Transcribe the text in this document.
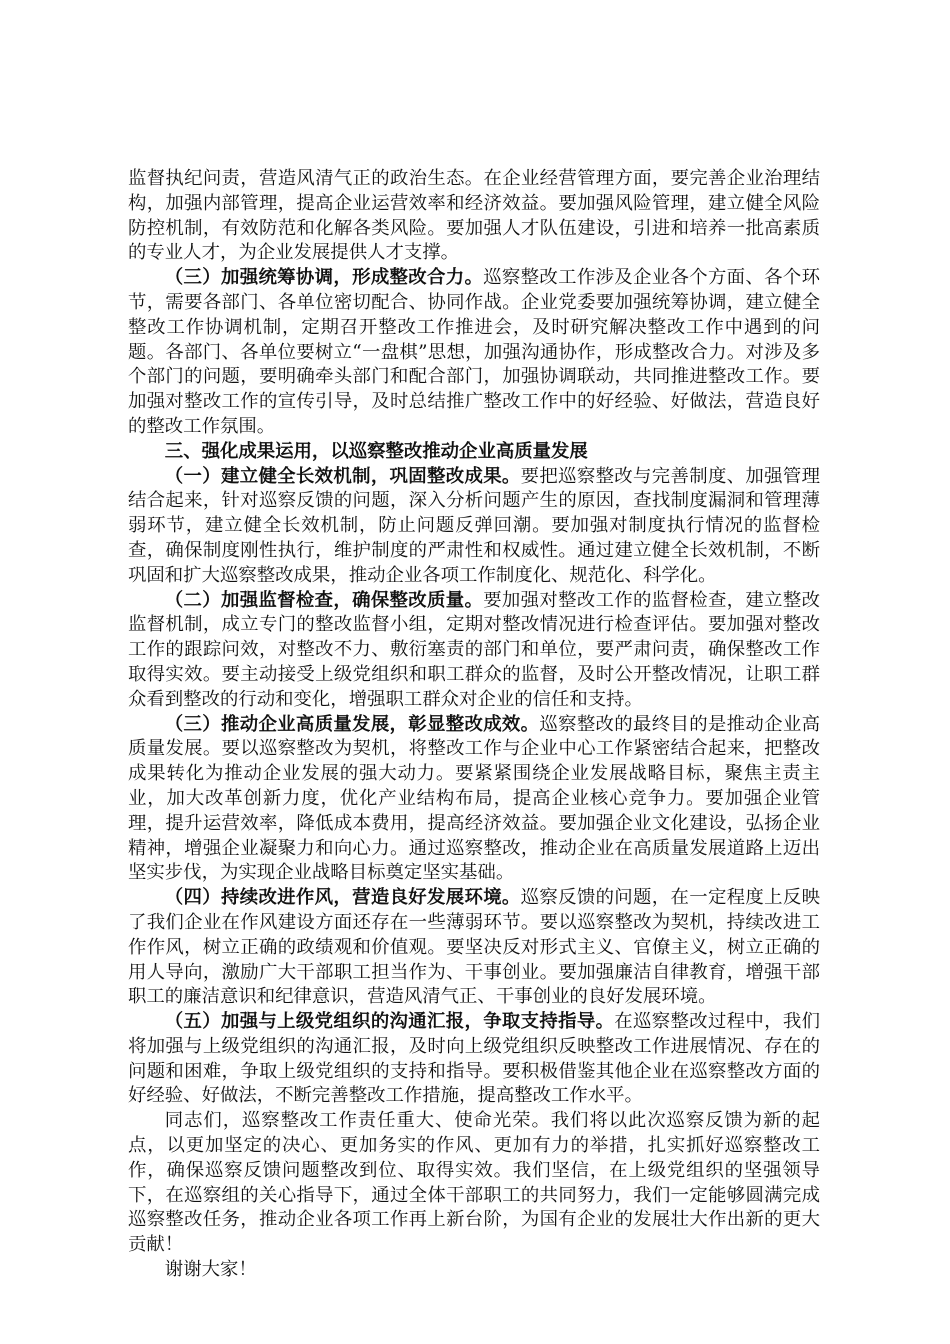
监督执纪问责，营造风清气正的政治生态。在企业经营管理方面，要完善企业治理结构，加强内部管理，提高企业运营效率和经济效益。要加强风险管理，建立健全风险防控机制，有效防范和化解各类风险。要加强人才队伍建设，引进和培养一批高素质的专业人才，为企业发展提供人才支撑。

（三）加强统筹协调，形成整改合力。巡察整改工作涉及企业各个方面、各个环节，需要各部门、各单位密切配合、协同作战。企业党委要加强统筹协调，建立健全整改工作协调机制，定期召开整改工作推进会，及时研究解决整改工作中遇到的问题。各部门、各单位要树立“一盘棋”思想，加强沟通协作，形成整改合力。对涉及多个部门的问题，要明确牵头部门和配合部门，加强协调联动，共同推进整改工作。要加强对整改工作的宣传引导，及时总结推广整改工作中的好经验、好做法，营造良好的整改工作氛围。

三、强化成果运用，以巡察整改推动企业高质量发展

（一）建立健全长效机制，巩固整改成果。要把巡察整改与完善制度、加强管理结合起来，针对巡察反馈的问题，深入分析问题产生的原因，查找制度漏洞和管理薄弱环节，建立健全长效机制，防止问题反弹回潮。要加强对制度执行情况的监督检查，确保制度刚性执行，维护制度的严肃性和权威性。通过建立健全长效机制，不断巩固和扩大巡察整改成果，推动企业各项工作制度化、规范化、科学化。

（二）加强监督检查，确保整改质量。要加强对整改工作的监督检查，建立整改监督机制，成立专门的整改监督小组，定期对整改情况进行检查评估。要加强对整改工作的跟踪问效，对整改不力、敷衍塞责的部门和单位，要严肃问责，确保整改工作取得实效。要主动接受上级党组织和职工群众的监督，及时公开整改情况，让职工群众看到整改的行动和变化，增强职工群众对企业的信任和支持。

（三）推动企业高质量发展，彰显整改成效。巡察整改的最终目的是推动企业高质量发展。要以巡察整改为契机，将整改工作与企业中心工作紧密结合起来，把整改成果转化为推动企业发展的强大动力。要紧紧围绕企业发展战略目标，聚焦主责主业，加大改革创新力度，优化产业结构布局，提高企业核心竞争力。要加强企业管理，提升运营效率，降低成本费用，提高经济效益。要加强企业文化建设，弘扬企业精神，增强企业凝聚力和向心力。通过巡察整改，推动企业在高质量发展道路上迈出坚实步伐，为实现企业战略目标奠定坚实基础。

（四）持续改进作风，营造良好发展环境。巡察反馈的问题，在一定程度上反映了我们企业在作风建设方面还存在一些薄弱环节。要以巡察整改为契机，持续改进工作作风，树立正确的政绩观和价值观。要坚决反对形式主义、官僚主义，树立正确的用人导向，激励广大干部职工担当作为、干事创业。要加强廉洁自律教育，增强干部职工的廉洁意识和纪律意识，营造风清气正、干事创业的良好发展环境。

（五）加强与上级党组织的沟通汇报，争取支持指导。在巡察整改过程中，我们将加强与上级党组织的沟通汇报，及时向上级党组织反映整改工作进展情况、存在的问题和困难，争取上级党组织的支持和指导。要积极借鉴其他企业在巡察整改方面的好经验、好做法，不断完善整改工作措施，提高整改工作水平。

同志们，巡察整改工作责任重大、使命光荣。我们将以此次巡察反馈为新的起点，以更加坚定的决心、更加务实的作风、更加有力的举措，扎实抓好巡察整改工作，确保巡察反馈问题整改到位、取得实效。我们坚信，在上级党组织的坚强领导下，在巡察组的关心指导下，通过全体干部职工的共同努力，我们一定能够圆满完成巡察整改任务，推动企业各项工作再上新台阶，为国有企业的发展壮大作出新的更大贡献！

谢谢大家！
